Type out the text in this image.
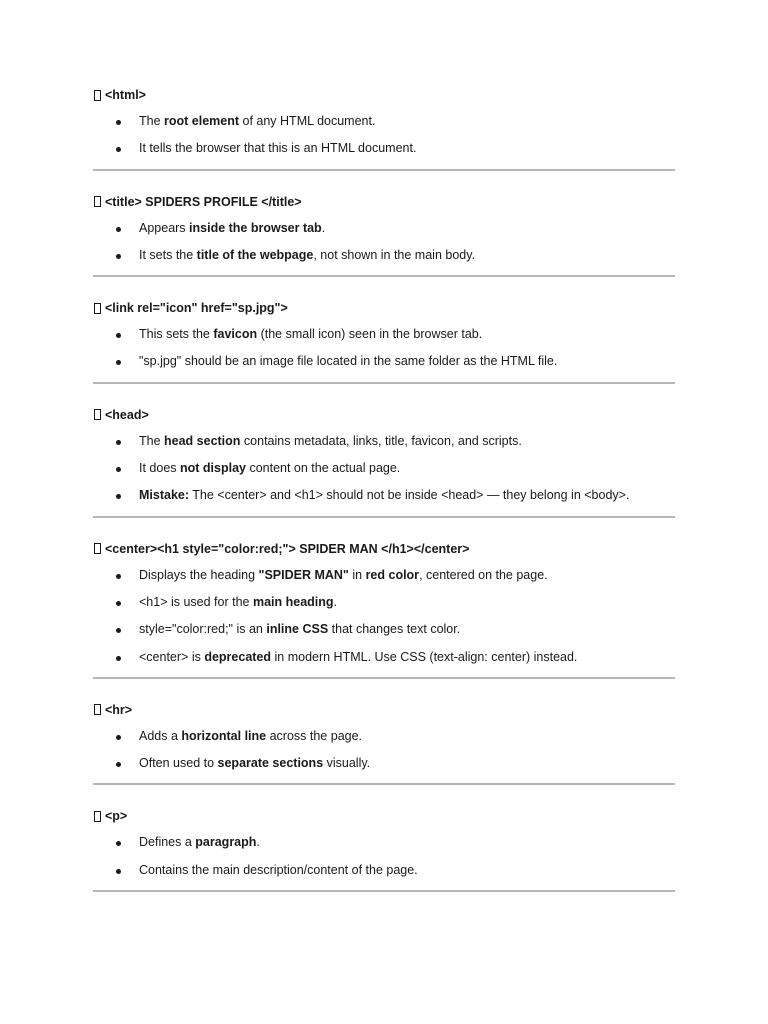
<html>
The root element of any HTML document.
It tells the browser that this is an HTML document.
<title> SPIDERS PROFILE </title>
Appears inside the browser tab.
It sets the title of the webpage, not shown in the main body.
<link rel="icon" href="sp.jpg">
This sets the favicon (the small icon) seen in the browser tab.
"sp.jpg" should be an image file located in the same folder as the HTML file.
<head>
The head section contains metadata, links, title, favicon, and scripts.
It does not display content on the actual page.
Mistake: The <center> and <h1> should not be inside <head> — they belong in <body>.
<center><h1 style="color:red;"> SPIDER MAN </h1></center>
Displays the heading "SPIDER MAN" in red color, centered on the page.
<h1> is used for the main heading.
style="color:red;" is an inline CSS that changes text color.
<center> is deprecated in modern HTML. Use CSS (text-align: center) instead.
<hr>
Adds a horizontal line across the page.
Often used to separate sections visually.
<p>
Defines a paragraph.
Contains the main description/content of the page.
